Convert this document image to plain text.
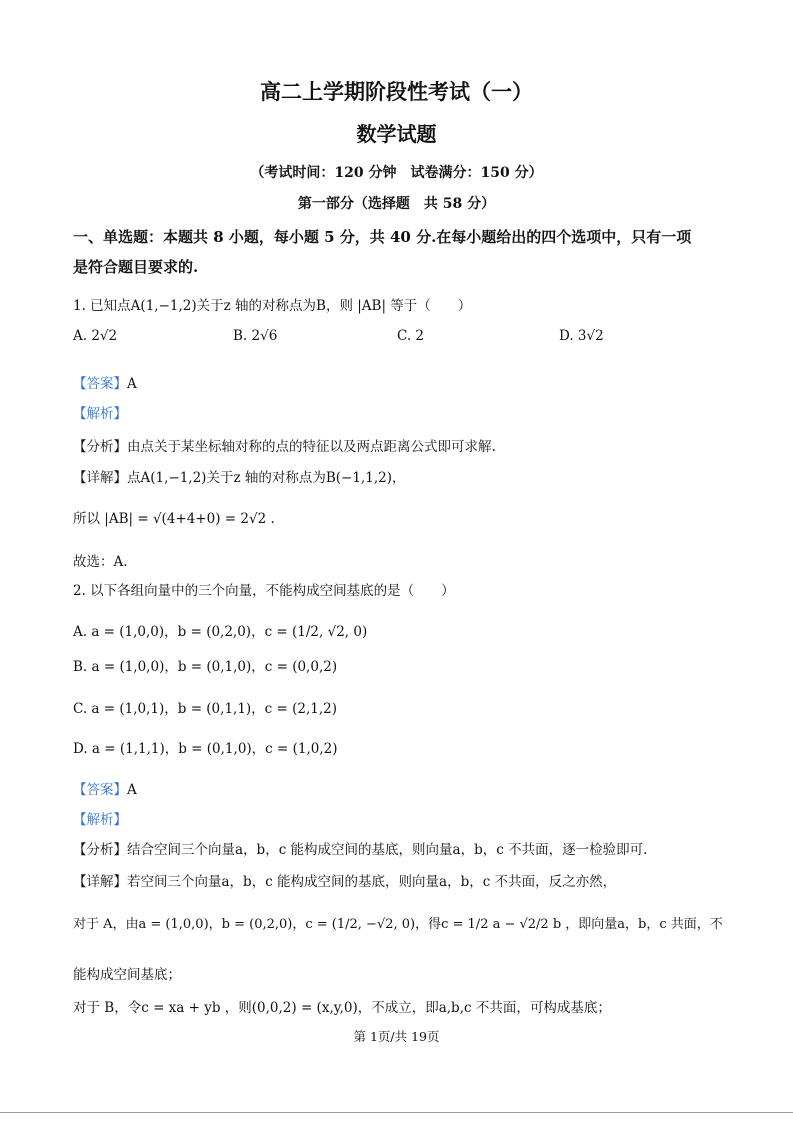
高二上学期阶段性考试（一）
数学试题
（考试时间：120 分钟　试卷满分：150 分）
第一部分（选择题　共 58 分）
一、单选题：本题共 8 小题，每小题 5 分，共 40 分.在每小题给出的四个选项中，只有一项
是符合题目要求的.
1. 已知点A(1,−1,2)关于z 轴的对称点为B，则 |AB| 等于（　　）
A. 2√2	B. 2√6	C. 2	D. 3√2
【答案】A
【解析】
【分析】由点关于某坐标轴对称的点的特征以及两点距离公式即可求解.
【详解】点A(1,−1,2)关于z 轴的对称点为B(−1,1,2)，
所以 |AB| = √(4+4+0) = 2√2 .
故选：A.
2. 以下各组向量中的三个向量，不能构成空间基底的是（　　）
A. a = (1,0,0)，b = (0,2,0)，c = (1/2, √2, 0)
B. a = (1,0,0)，b = (0,1,0)，c = (0,0,2)
C. a = (1,0,1)，b = (0,1,1)，c = (2,1,2)
D. a = (1,1,1)，b = (0,1,0)，c = (1,0,2)
【答案】A
【解析】
【分析】结合空间三个向量a，b，c 能构成空间的基底，则向量a，b，c 不共面，逐一检验即可.
【详解】若空间三个向量a，b，c 能构成空间的基底，则向量a，b，c 不共面，反之亦然，
对于 A，由a = (1,0,0)，b = (0,2,0)，c = (1/2, −√2, 0)，得c = 1/2 a − √2/2 b ，即向量a，b，c 共面，不
能构成空间基底；
对于 B，令c = xa + yb ，则(0,0,2) = (x,y,0)，不成立，即a,b,c 不共面，可构成基底；
第 1页/共 19页
